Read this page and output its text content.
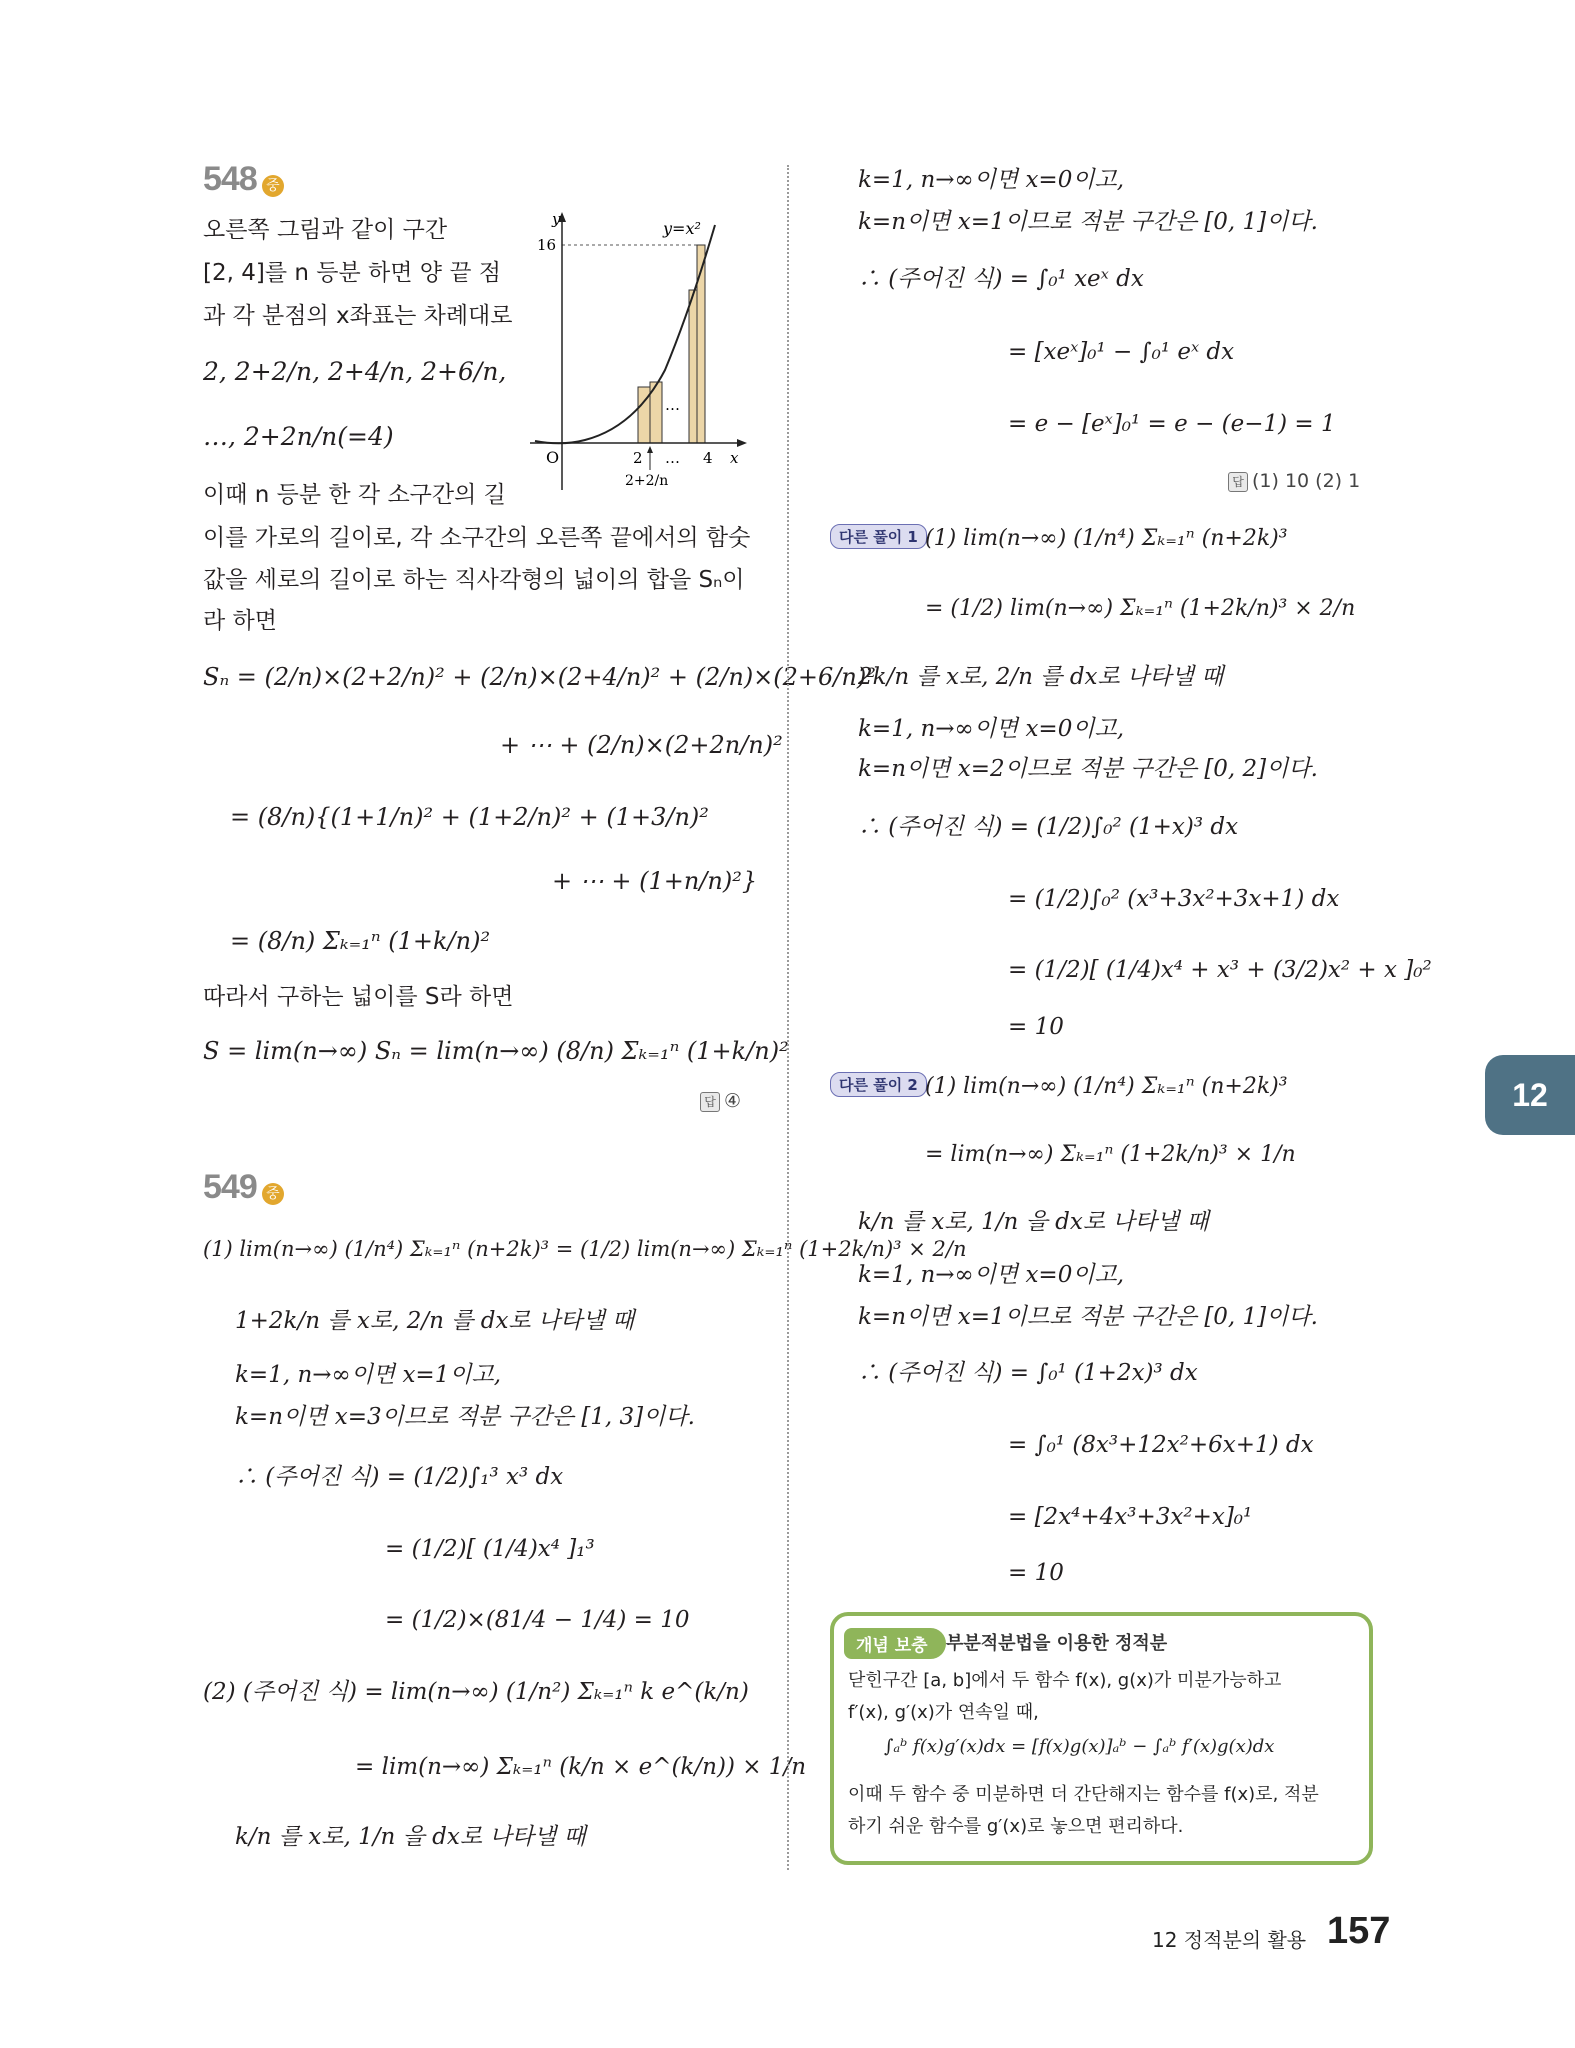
548 중
오른쪽 그림과 같이 구간
[2, 4]를 n 등분 하면 양 끝 점
과 각 분점의 x좌표는 차례대로
2, 2+2/n, 2+4/n, 2+6/n,
…, 2+2n/n(=4)
이때 n 등분 한 각 소구간의 길
y=x²
y
x
O
16
2	4
…
…
2+2/n
이를 가로의 길이로, 각 소구간의 오른쪽 끝에서의 함숫
값을 세로의 길이로 하는 직사각형의 넓이의 합을 Sₙ이
라 하면
Sₙ = (2/n)×(2+2/n)² + (2/n)×(2+4/n)² + (2/n)×(2+6/n)²
+ ⋯ + (2/n)×(2+2n/n)²
= (8/n){(1+1/n)² + (1+2/n)² + (1+3/n)²
+ ⋯ + (1+n/n)²}
= (8/n) Σₖ₌₁ⁿ (1+k/n)²
따라서 구하는 넓이를 S라 하면
S = lim(n→∞) Sₙ = lim(n→∞) (8/n) Σₖ₌₁ⁿ (1+k/n)²
답 ④
549 중
(1) lim(n→∞) (1/n⁴) Σₖ₌₁ⁿ (n+2k)³ = (1/2) lim(n→∞) Σₖ₌₁ⁿ (1+2k/n)³ × 2/n
1+2k/n 를 x로, 2/n 를 dx로 나타낼 때
k=1, n→∞이면 x=1이고,
k=n이면 x=3이므로 적분 구간은 [1, 3]이다.
∴ (주어진 식) = (1/2)∫₁³ x³ dx
= (1/2)[ (1/4)x⁴ ]₁³
= (1/2)×(81/4 − 1/4) = 10
(2) (주어진 식) = lim(n→∞) (1/n²) Σₖ₌₁ⁿ k e^(k/n)
= lim(n→∞) Σₖ₌₁ⁿ (k/n × e^(k/n)) × 1/n
k/n 를 x로, 1/n 을 dx로 나타낼 때
k=1, n→∞이면 x=0이고,
k=n이면 x=1이므로 적분 구간은 [0, 1]이다.
∴ (주어진 식) = ∫₀¹ xeˣ dx
= [xeˣ]₀¹ − ∫₀¹ eˣ dx
= e − [eˣ]₀¹ = e − (e−1) = 1
답 (1) 10 (2) 1
다른 풀이 1 (1) lim(n→∞) (1/n⁴) Σₖ₌₁ⁿ (n+2k)³
= (1/2) lim(n→∞) Σₖ₌₁ⁿ (1+2k/n)³ × 2/n
2k/n 를 x로, 2/n 를 dx로 나타낼 때
k=1, n→∞이면 x=0이고,
k=n이면 x=2이므로 적분 구간은 [0, 2]이다.
∴ (주어진 식) = (1/2)∫₀² (1+x)³ dx
= (1/2)∫₀² (x³+3x²+3x+1) dx
= (1/2)[ (1/4)x⁴ + x³ + (3/2)x² + x ]₀²
= 10
다른 풀이 2 (1) lim(n→∞) (1/n⁴) Σₖ₌₁ⁿ (n+2k)³
= lim(n→∞) Σₖ₌₁ⁿ (1+2k/n)³ × 1/n
k/n 를 x로, 1/n 을 dx로 나타낼 때
k=1, n→∞이면 x=0이고,
k=n이면 x=1이므로 적분 구간은 [0, 1]이다.
∴ (주어진 식) = ∫₀¹ (1+2x)³ dx
= ∫₀¹ (8x³+12x²+6x+1) dx
= [2x⁴+4x³+3x²+x]₀¹
= 10
개념 보충	부분적분법을 이용한 정적분
닫힌구간 [a, b]에서 두 함수 f(x), g(x)가 미분가능하고
f′(x), g′(x)가 연속일 때,
∫ₐᵇ f(x)g′(x)dx = [f(x)g(x)]ₐᵇ − ∫ₐᵇ f′(x)g(x)dx
이때 두 함수 중 미분하면 더 간단해지는 함수를 f(x)로, 적분
하기 쉬운 함수를 g′(x)로 놓으면 편리하다.
12
12 정적분의 활용 157
